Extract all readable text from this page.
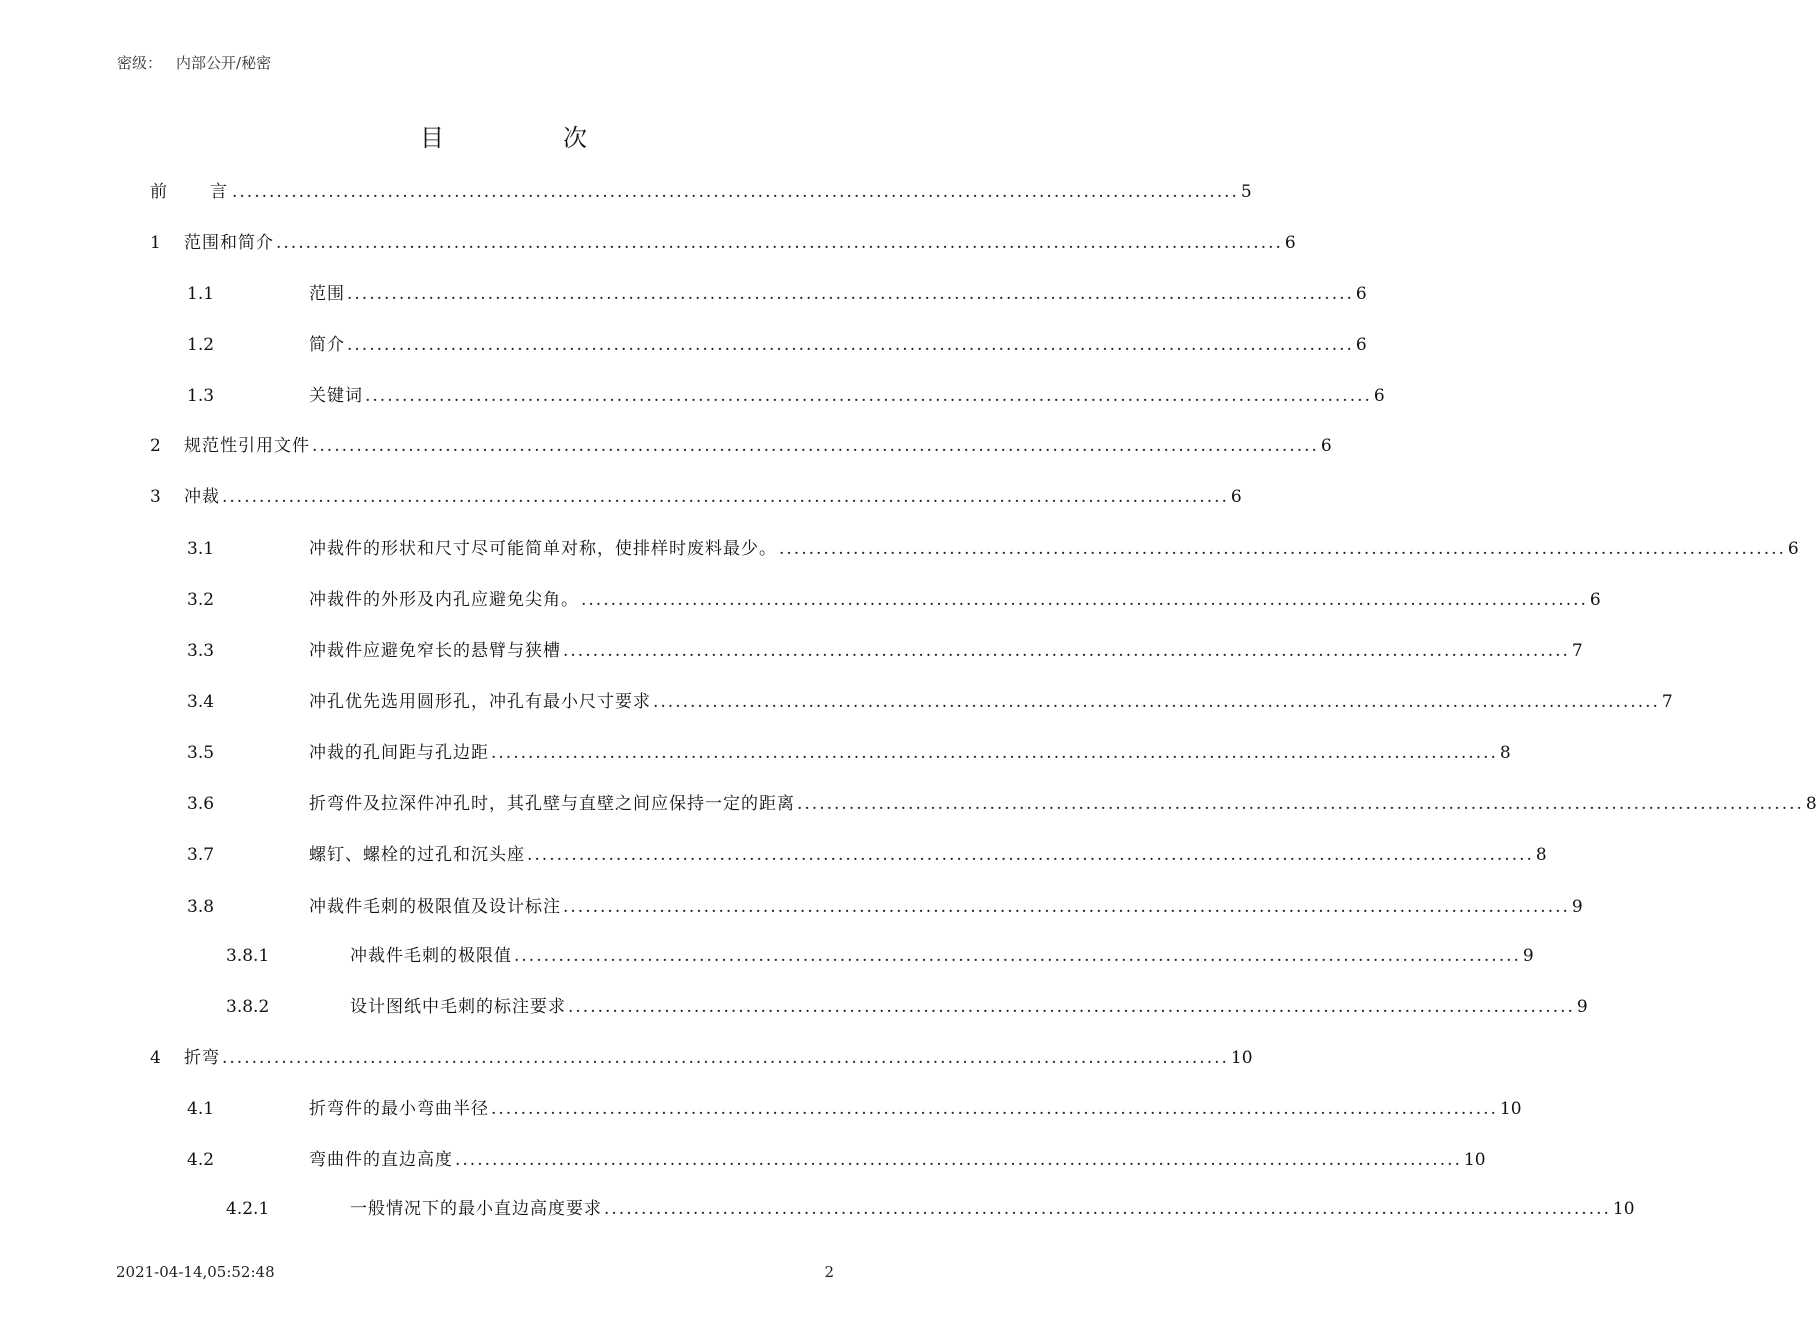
密级： 内部公开/秘密
目	次
前	言 ........................................................................................................................................ 5
1	范围和简介 ........................................................................................................................................ 6
1.1	范围 ........................................................................................................................................ 6
1.2	简介 ........................................................................................................................................ 6
1.3	关键词 ........................................................................................................................................ 6
2	规范性引用文件 ........................................................................................................................................ 6
3	冲裁 ........................................................................................................................................ 6
3.1	冲裁件的形状和尺寸尽可能简单对称，使排样时废料最少。 ........................................................................................................................................ 6
3.2	冲裁件的外形及内孔应避免尖角。 ........................................................................................................................................ 6
3.3	冲裁件应避免窄长的悬臂与狭槽 ........................................................................................................................................ 7
3.4	冲孔优先选用圆形孔，冲孔有最小尺寸要求 ........................................................................................................................................ 7
3.5	冲裁的孔间距与孔边距 ........................................................................................................................................ 8
3.6	折弯件及拉深件冲孔时，其孔壁与直壁之间应保持一定的距离 ........................................................................................................................................ 8
3.7	螺钉、螺栓的过孔和沉头座 ........................................................................................................................................ 8
3.8	冲裁件毛刺的极限值及设计标注 ........................................................................................................................................ 9
3.8.1	冲裁件毛刺的极限值 ........................................................................................................................................ 9
3.8.2	设计图纸中毛刺的标注要求 ........................................................................................................................................ 9
4	折弯 ........................................................................................................................................ 10
4.1	折弯件的最小弯曲半径 ........................................................................................................................................ 10
4.2	弯曲件的直边高度 ........................................................................................................................................ 10
4.2.1	一般情况下的最小直边高度要求 ........................................................................................................................................ 10
2021-04-14,05:52:48	2
